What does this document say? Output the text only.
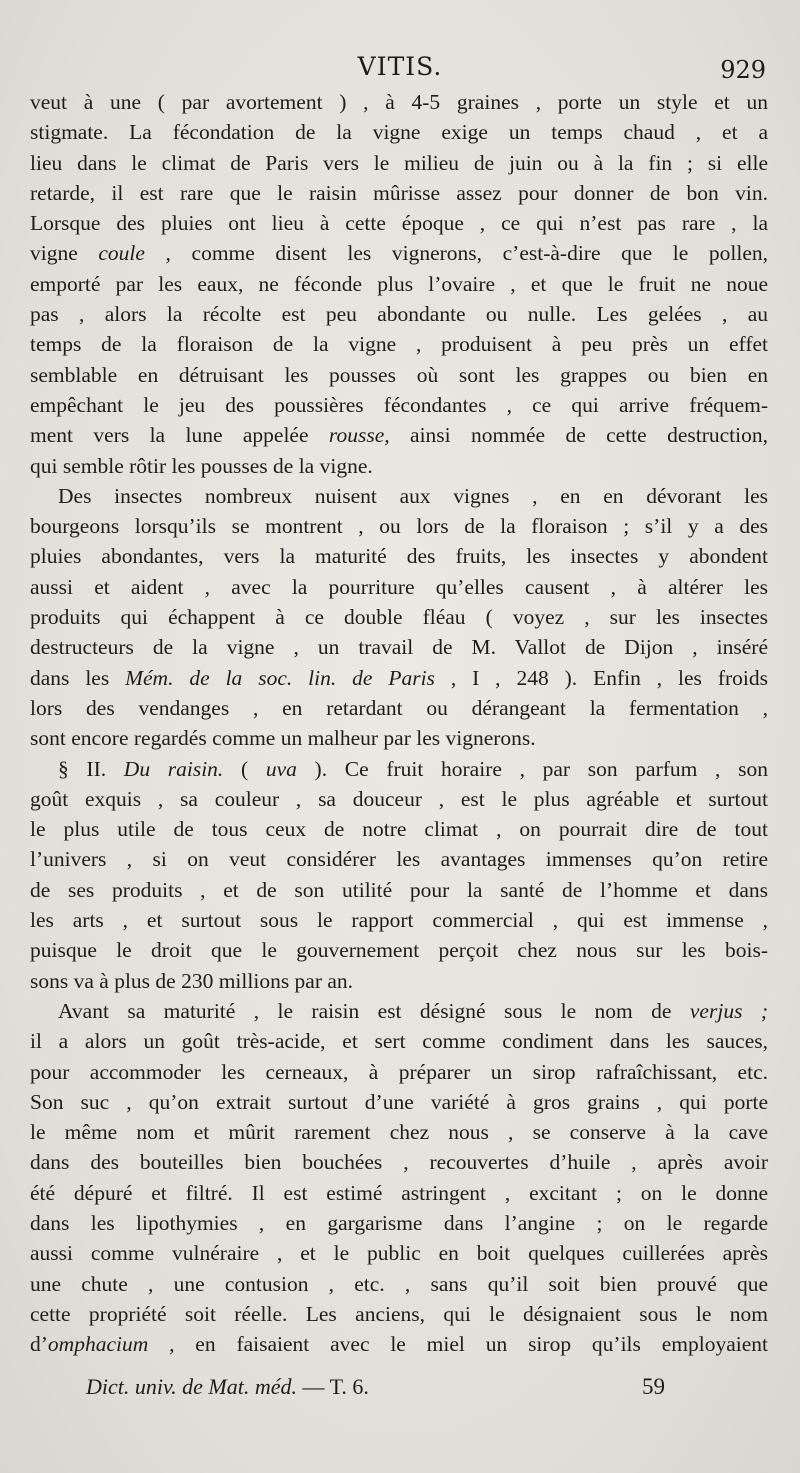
VITIS.	929

veut à une ( par avortement ) , à 4-5 graines , porte un style et un

stigmate. La fécondation de la vigne exige un temps chaud , et a

lieu dans le climat de Paris vers le milieu de juin ou à la fin ; si elle

retarde, il est rare que le raisin mûrisse assez pour donner de bon vin.

Lorsque des pluies ont lieu à cette époque , ce qui n’est pas rare , la

vigne coule , comme disent les vignerons, c’est-à-dire que le pollen,

emporté par les eaux, ne féconde plus l’ovaire , et que le fruit ne noue

pas , alors la récolte est peu abondante ou nulle. Les gelées , au

temps de la floraison de la vigne , produisent à peu près un effet

semblable en détruisant les pousses où sont les grappes ou bien en

empêchant le jeu des poussières fécondantes , ce qui arrive fréquem-

ment vers la lune appelée rousse, ainsi nommée de cette destruction,

qui semble rôtir les pousses de la vigne.

Des insectes nombreux nuisent aux vignes , en en dévorant les

bourgeons lorsqu’ils se montrent , ou lors de la floraison ; s’il y a des

pluies abondantes, vers la maturité des fruits, les insectes y abondent

aussi et aident , avec la pourriture qu’elles causent , à altérer les

produits qui échappent à ce double fléau ( voyez , sur les insectes

destructeurs de la vigne , un travail de M. Vallot de Dijon , inséré

dans les Mém. de la soc. lin. de Paris , I , 248 ). Enfin , les froids

lors des vendanges , en retardant ou dérangeant la fermentation ,

sont encore regardés comme un malheur par les vignerons.

§ II. Du raisin. ( uva ). Ce fruit horaire , par son parfum , son

goût exquis , sa couleur , sa douceur , est le plus agréable et surtout

le plus utile de tous ceux de notre climat , on pourrait dire de tout

l’univers , si on veut considérer les avantages immenses qu’on retire

de ses produits , et de son utilité pour la santé de l’homme et dans

les arts , et surtout sous le rapport commercial , qui est immense ,

puisque le droit que le gouvernement perçoit chez nous sur les bois-

sons va à plus de 230 millions par an.

Avant sa maturité , le raisin est désigné sous le nom de verjus ;

il a alors un goût très-acide, et sert comme condiment dans les sauces,

pour accommoder les cerneaux, à préparer un sirop rafraîchissant, etc.

Son suc , qu’on extrait surtout d’une variété à gros grains , qui porte

le même nom et mûrit rarement chez nous , se conserve à la cave

dans des bouteilles bien bouchées , recouvertes d’huile , après avoir

été dépuré et filtré. Il est estimé astringent , excitant ; on le donne

dans les lipothymies , en gargarisme dans l’angine ; on le regarde

aussi comme vulnéraire , et le public en boit quelques cuillerées après

une chute , une contusion , etc. , sans qu’il soit bien prouvé que

cette propriété soit réelle. Les anciens, qui le désignaient sous le nom

d’omphacium , en faisaient avec le miel un sirop qu’ils employaient

Dict. univ. de Mat. méd. — T. 6.	59
